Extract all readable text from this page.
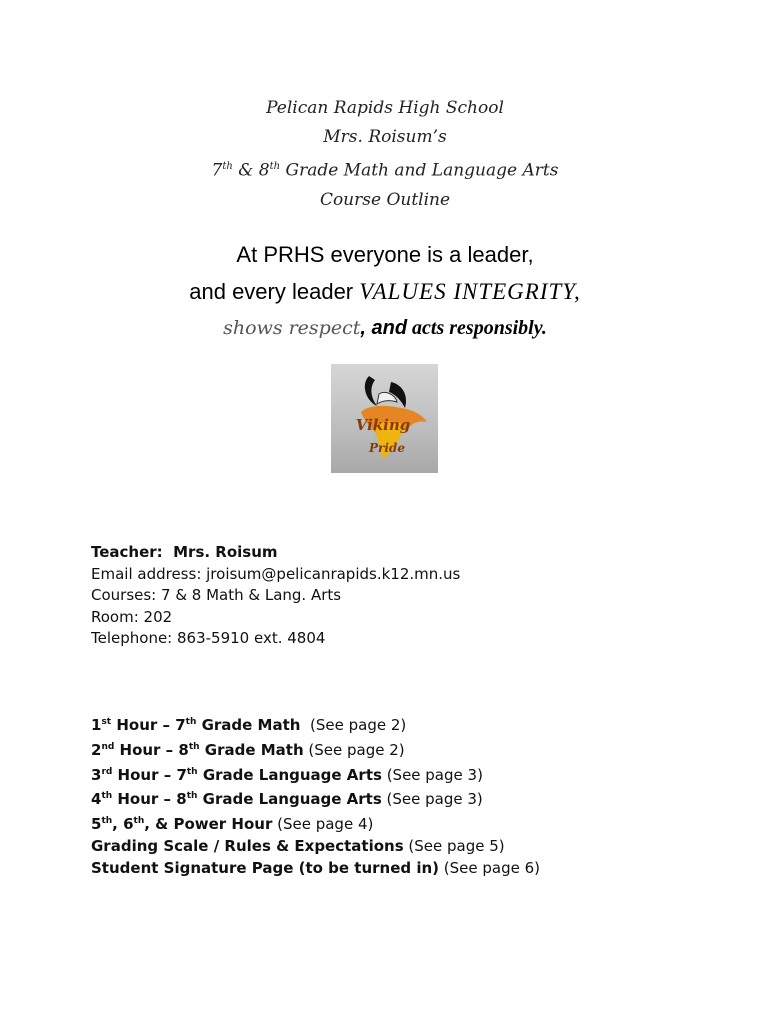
Pelican Rapids High School
Mrs. Roisum’s
7th & 8th Grade Math and Language Arts
Course Outline
At PRHS everyone is a leader,
and every leader VALUES INTEGRITY,
shows respect, and acts responsibly.
Viking
Pride
Teacher:  Mrs. Roisum
Email address: jroisum@pelicanrapids.k12.mn.us
Courses: 7 & 8 Math & Lang. Arts
Room: 202
Telephone: 863-5910 ext. 4804
1st Hour – 7th Grade Math  (See page 2)
2nd Hour – 8th Grade Math (See page 2)
3rd Hour – 7th Grade Language Arts (See page 3)
4th Hour – 8th Grade Language Arts (See page 3)
5th, 6th, & Power Hour (See page 4)
Grading Scale / Rules & Expectations (See page 5)
Student Signature Page (to be turned in) (See page 6)
